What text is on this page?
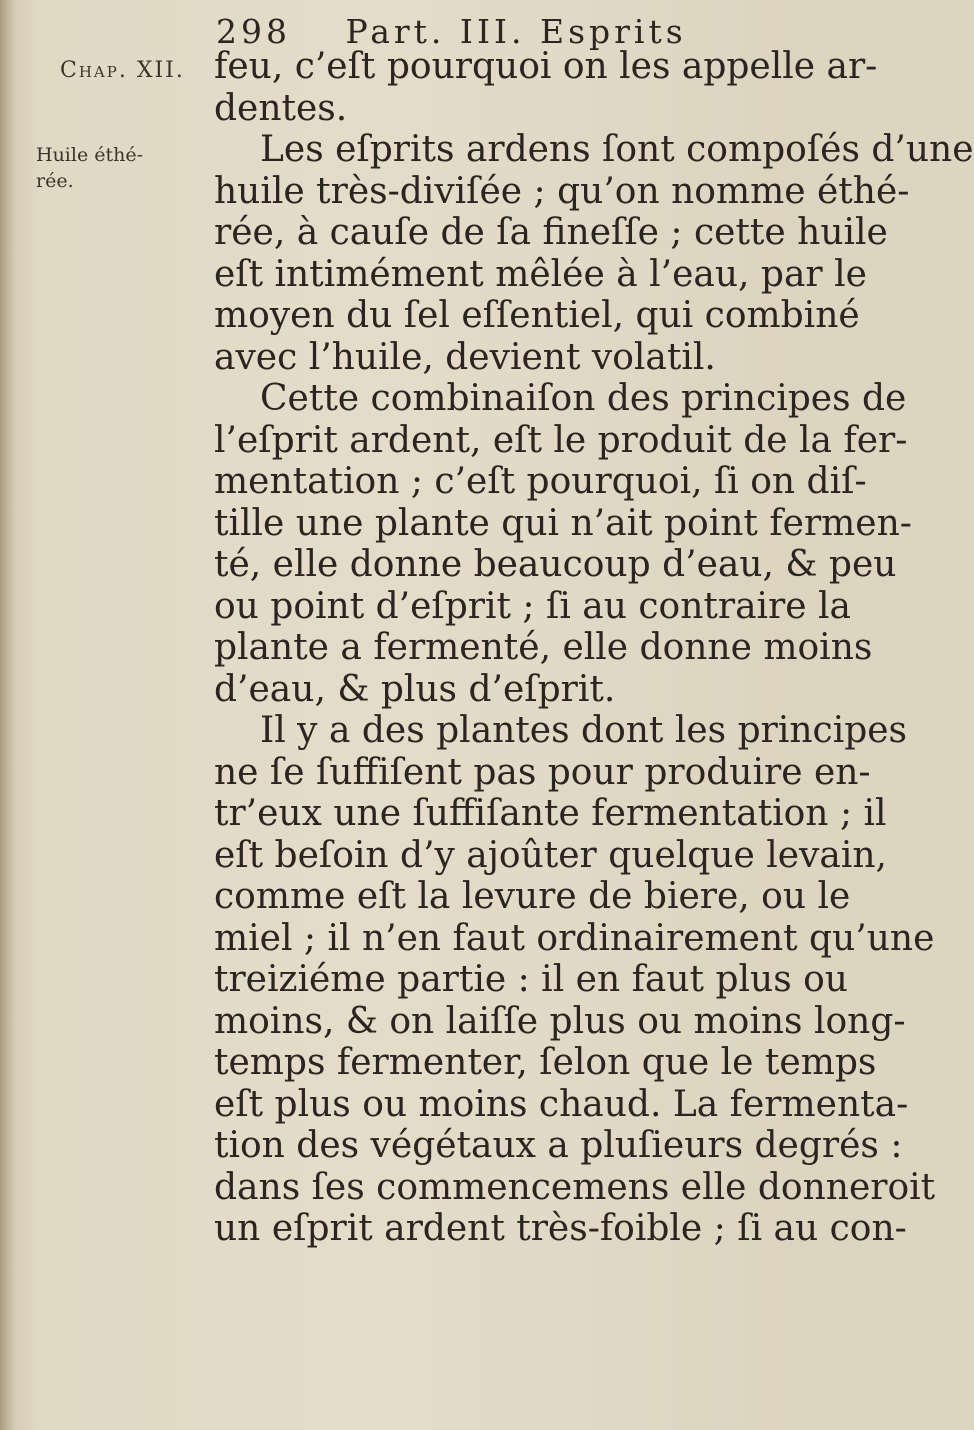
298 Part. III. Esprits
Chap. XII.
Huile éthé-
rée.
feu, c’eſt pourquoi on les appelle ar-
dentes.
Les eſprits ardens ſont compoſés d’une
huile très-diviſée ; qu’on nomme éthé-
rée, à cauſe de ſa fineſſe ; cette huile
eſt intimément mêlée à l’eau, par le
moyen du ſel eſſentiel, qui combiné
avec l’huile, devient volatil.
Cette combinaiſon des principes de
l’eſprit ardent, eſt le produit de la fer-
mentation ; c’eſt pourquoi, ſi on diſ-
tille une plante qui n’ait point fermen-
té, elle donne beaucoup d’eau, & peu
ou point d’eſprit ; ſi au contraire la
plante a fermenté, elle donne moins
d’eau, & plus d’eſprit.
Il y a des plantes dont les principes
ne ſe ſuffiſent pas pour produire en-
tr’eux une ſuffiſante fermentation ; il
eſt beſoin d’y ajoûter quelque levain,
comme eſt la levure de biere, ou le
miel ; il n’en faut ordinairement qu’une
treiziéme partie : il en faut plus ou
moins, & on laiſſe plus ou moins long-
temps fermenter, ſelon que le temps
eſt plus ou moins chaud. La fermenta-
tion des végétaux a pluſieurs degrés :
dans ſes commencemens elle donneroit
un eſprit ardent très-foible ; ſi au con-
